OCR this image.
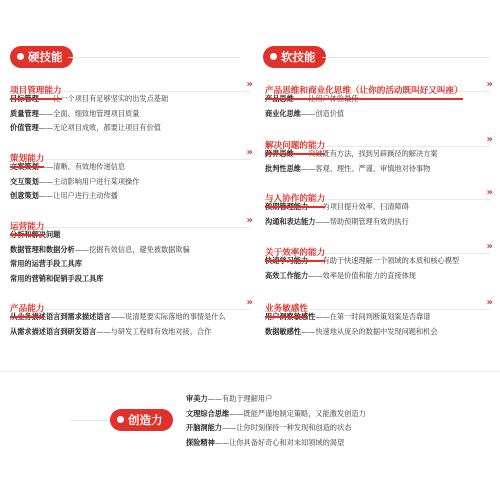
硬技能	软技能
项目管理能力
»
目标管理——让一个项目有足够坚实的出发点基础
质量管理——全面、细致地管理项目质量
价值管理——无论项目成败，都要让项目有价值
策划能力
»
文案策划——清晰、有效地传递信息
交互策划——主动影响用户进行某项操作
创意策划——让用户进行主动传播
运营能力
»
分析和解决问题
数据管理和数据分析——挖掘有效信息，避免被数据欺骗
常用的运营手段工具库
常用的营销和促销手段工具库
产品能力
»
从业务描述语言到需求描述语言——说清楚要实际落地的事情是什么
从需求描述语言到研发语言——与研发工程师有效地对接、合作
产品思维和商业化思维（让你的活动既叫好又叫座）
»
产品思维——让用户体验最佳
商业化思维——创造价值
解决问题的能力
»
跨界思维——突破既有方法，找到另辟蹊径的解决方案
批判性思维——客观、理性、严谨、审慎地对待事物
与人协作的能力
»
预期管理能力——为项目提升效率、扫清障碍
沟通和表达能力——帮助预期管理有效的执行
关于效率的能力
»
快速学习能力——有助于快速理解一个领域的本质和核心模型
高效工作能力——效率是价值和能力的直接体现
业务敏感性
»
用户洞察敏感性——在第一时间判断策划案是否靠谱
数据敏感性——快速地从庞杂的数据中发现问题和机会
创造力
审美力——有助于理解用户
文理综合思维——既能严谨地制定策略，又能激发创造力
开脑洞能力——让你时刻保持一种发现和创造的状态
探险精神——让你具备好奇心和对未知领域的渴望
